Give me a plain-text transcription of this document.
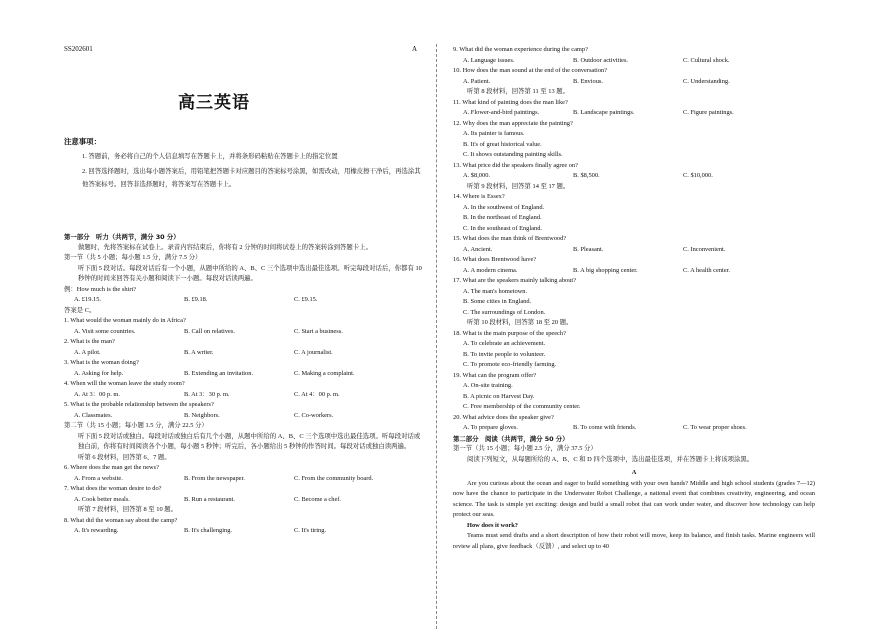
SS202601	A
高三英语
注意事项：
1. 答题前，务必将自己的个人信息填写在答题卡上，并将条形码粘贴在答题卡上的指定位置
2. 回答选择题时，选出每小题答案后，用铅笔把答题卡对应题目的答案标号涂黑，如需改动，用橡皮擦干净后，再选涂其他答案标号。回答非选择题时，将答案写在答题卡上。
第一部分　听力（共两节，满分 30 分）
做题时，先将答案标在试卷上。录音内容结束后，你将有 2 分钟的时间将试卷上的答案转涂到答题卡上。
第一节（共 5 小题；每小题 1.5 分，满分 7.5 分）
听下面 5 段对话。每段对话后有一个小题，从题中所给的 A、B、C 三个选项中选出最佳选项。听完每段对话后，你都有 10 秒钟的时间来回答有关小题和阅读下一小题。每段对话读两遍。
例：How much is the shirt?
A. £19.15.	B. £9.18.	C. £9.15.
答案是 C。
1. What would the woman mainly do in Africa?
A. Visit some countries.	B. Call on relatives.	C. Start a business.
2. What is the man?
A. A pilot.	B. A writer.	C. A journalist.
3. What is the woman doing?
A. Asking for help.	B. Extending an invitation.	C. Making a complaint.
4. When will the woman leave the study room?
A. At 3：00 p. m.	B. At 3：30 p. m.	C. At 4：00 p. m.
5. What is the probable relationship between the speakers?
A. Classmates.	B. Neighbors.	C. Co-workers.
第二节（共 15 小题；每小题 1.5 分，满分 22.5 分）
听下面 5 段对话或独白。每段对话或独白后有几个小题，从题中所给的 A、B、C 三个选项中选出最佳选项。听每段对话或独白前，你将有时间阅读各个小题，每小题 5 秒钟；听完后，各小题给出 5 秒钟的作答时间。每段对话或独白读两遍。
听第 6 段材料，回答第 6、7 题。
6. Where does the man get the news?
A. From a website.	B. From the newspaper.	C. From the community board.
7. What does the woman desire to do?
A. Cook better meals.	B. Run a restaurant.	C. Become a chef.
听第 7 段材料，回答第 8 至 10 题。
8. What did the woman say about the camp?
A. It's rewarding.	B. It's challenging.	C. It's tiring.
9. What did the woman experience during the camp?
A. Language issues.	B. Outdoor activities.	C. Cultural shock.
10. How does the man sound at the end of the conversation?
A. Patient.	B. Envious.	C. Understanding.
听第 8 段材料，回答第 11 至 13 题。
11. What kind of painting does the man like?
A. Flower-and-bird paintings.	B. Landscape paintings.	C. Figure paintings.
12. Why does the man appreciate the painting?
A. Its painter is famous.
B. It's of great historical value.
C. It shows outstanding painting skills.
13. What price did the speakers finally agree on?
A. $8,000.	B. $8,500.	C. $10,000.
听第 9 段材料，回答第 14 至 17 题。
14. Where is Essex?
A. In the southwest of England.
B. In the northeast of England.
C. In the southeast of England.
15. What does the man think of Brentwood?
A. Ancient.	B. Pleasant.	C. Inconvenient.
16. What does Brentwood have?
A. A modern cinema.	B. A big shopping center.	C. A health center.
17. What are the speakers mainly talking about?
A. The man's hometown.
B. Some cities in England.
C. The surroundings of London.
听第 10 段材料，回答第 18 至 20 题。
18. What is the main purpose of the speech?
A. To celebrate an achievement.
B. To invite people to volunteer.
C. To promote eco-friendly farming.
19. What can the program offer?
A. On-site training.
B. A picnic on Harvest Day.
C. Free membership of the community center.
20. What advice does the speaker give?
A. To prepare gloves.	B. To come with friends.	C. To wear proper shoes.
第二部分　阅读（共两节，满分 50 分）
第一节（共 15 小题；每小题 2.5 分，满分 37.5 分）
阅读下列短文，从每题所给的 A、B、C 和 D 四个选项中，选出最佳选项，并在答题卡上将该项涂黑。
A
Are you curious about the ocean and eager to build something with your own hands? Middle and high school students (grades 7—12) now have the chance to participate in the Underwater Robot Challenge, a national event that combines creativity, engineering, and ocean science. The task is simple yet exciting: design and build a small robot that can work under water, and discover how technology can help protect our seas.
How does it work?
Teams must send drafts and a short description of how their robot will move, keep its balance, and finish tasks. Marine engineers will review all plans, give feedback（反馈）, and select up to 40
